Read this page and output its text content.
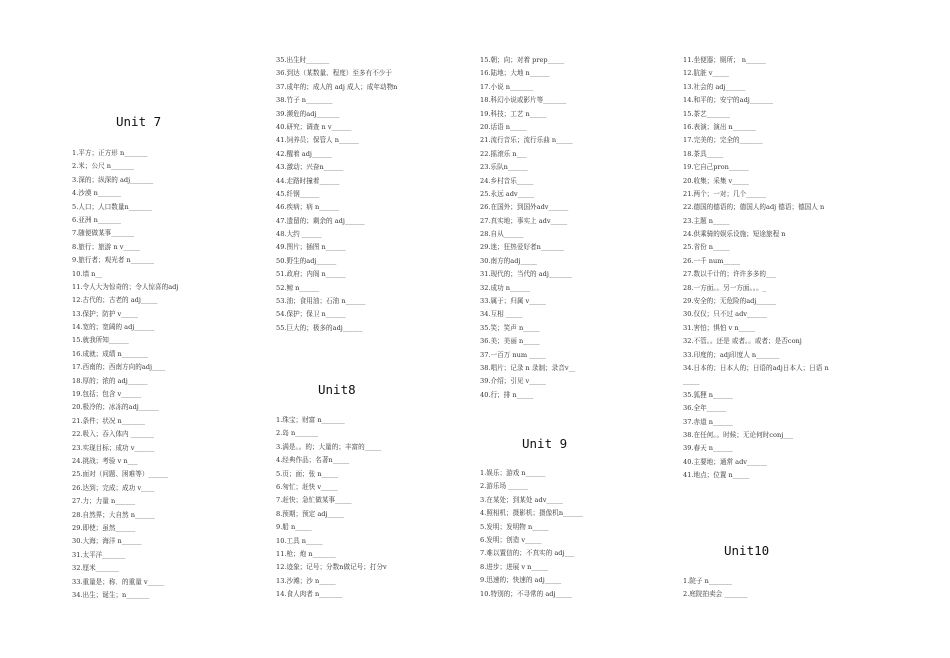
Unit 7
1.平方；正方形 n_______
2.米；公尺 n_______
3.深的；纵深的 adj_______
4.沙漠 n_______
5.人口；人口数量n_______
6.亚洲 n_______
7.随便做某事_______
8.旅行；旅游 n v_____
9.旅行者；观光者 n_______
10.墙 n__
11.令人大为惊奇的；令人惊喜的adj
12.古代的；古老的 adj_____
13.保护；防护 v_____
14.宽的；宽阔的 adj______
15.就我所知______
16.成就；成绩 n________
17.西南的；西南方向的adj____
18.厚的；浓的 adj______
19.包括；包含 v______
20.极冷的；冰冻的adj______
21.条件；状况 n_______
22.吸入；吞入体内 _______
23.实现目标；成功 v______
24.挑战；考验 v n___
25.面对（问题、困难等）______
26.达到；完成；成功 v____
27.力；力量 n______
28.自然界；大自然 n______
29.即使；虽然______
30.大海；海洋 n______
31.太平洋_______
32.厘米_______
33.重量是；称．的重量 v_____
34.出生；诞生；n_______
35.出生时_______
36.到达（某数量、程度）至多有不少于
37.成年的；成人的 adj 成人；成年动物n
38.竹子 n________
39.濒危的adj_______
40.研究；调查 n v______
41.饲养员；保管人 n______
42.醒着 adj______
43.激动；兴奋n______
44.走路时撞着______
45.纤钢______
46.疾病；病 n______
47.遗留的；剩余的 adj______
48.大约 ______
49.图片；插图 n______
50.野生的adj______
51.政府；内阁 n______
52.鲸 n______
53.油；食用油；石油 n______
54.保护；保卫 n______
55.巨大的；极多的adj______
Unit8
1.珠宝；财富 n_______
2.岛 n_______
3.满是。。的；大量的；丰富的_____
4.经典作品；名著n_____
5.页；面；张 n_____
6.匆忙；赶快 v_____
7.赶快；急忙做某事_____
8.预期；预定 adj_____
9.船 n_____
10.工具 n_____
11.枪；炮 n_______
12.迹象；记号；分数n做记号；打分v
13.沙滩；沙 n_____
14.食人肉者 n_______
15.朝；向；对着 prep_____
16.陆地；大地 n______
17.小说 n_______
18.科幻小说或影片等_______
19.科技；工艺 n_____
20.话语 n_____
21.流行音乐；流行乐曲 n_____
22.摇滚乐 n___
23.乐队n______
24.乡村音乐_____
25.永远 adv_____
26.在国外；到国外adv______
27.真实地；事实上 adv_____
28.自从______
29.迷；狂热爱好者n_______
30.南方的adj_____
31.现代的；当代的 adj_______
32.成功 n______
33.属于；归属 v_____
34.互相 _____
35.笑；笑声 n_____
36.美；美丽 n_____
37.一百万 num _____
38.唱片；记录 n 录制；录音v__
39.介绍；引见 v_____
40.行；排 n_____
Unit 9
1.娱乐；游戏 n______
2.游乐场 ______
3.在某处；到某处 adv_____
4.照相机；摄影机；摄像机n______
5.发明；发明物 n_____
6.发明；创造 v_____
7.难以置信的；不真实的 adj___
8.进步；进展 v n_____
9.迅速的；快速的 adj_____
10.特别的；不寻常的 adj_____
11.坐便器；厕所； n______
12.肮脏 v_____
13.社会的 adj______
14.和平的；安宁的adj_______
15.茶艺_______
16.表演；演出 n_______
17.完美的；完全的_______
18.茶具_____
19.它自己pron______
20.收集；采集 v_____
21.两个；一对；几个______
22.德国的德语的；德国人的adj 德语；德国人 n
23.主题 n_____
24.供乘骑的娱乐设施；短途旅程 n
25.省份 n_____
26.一千 num_____
27.数以千计的；许许多多的___
28.一方面。。另一方面。。。_
29.安全的；无危险的adj______
30.仅仅；只不过 adv______
31.害怕；惧怕 v n_____
32.不管。。还是 或者。。或者；是否conj
33.印度的；adj印度人 n_______
34.日本的；日本人的；日语的adj日本人；日语 n
_____
35.狐狸 n______
36.全年______
37.赤道 n______
38.在任何。。时候；无论何时conj___
39.春天 n______
40.主要地；通常 adv______
41.地点；位置 n_____
Unit10
1.院子 n_______
2.庭院拍卖会 _______
